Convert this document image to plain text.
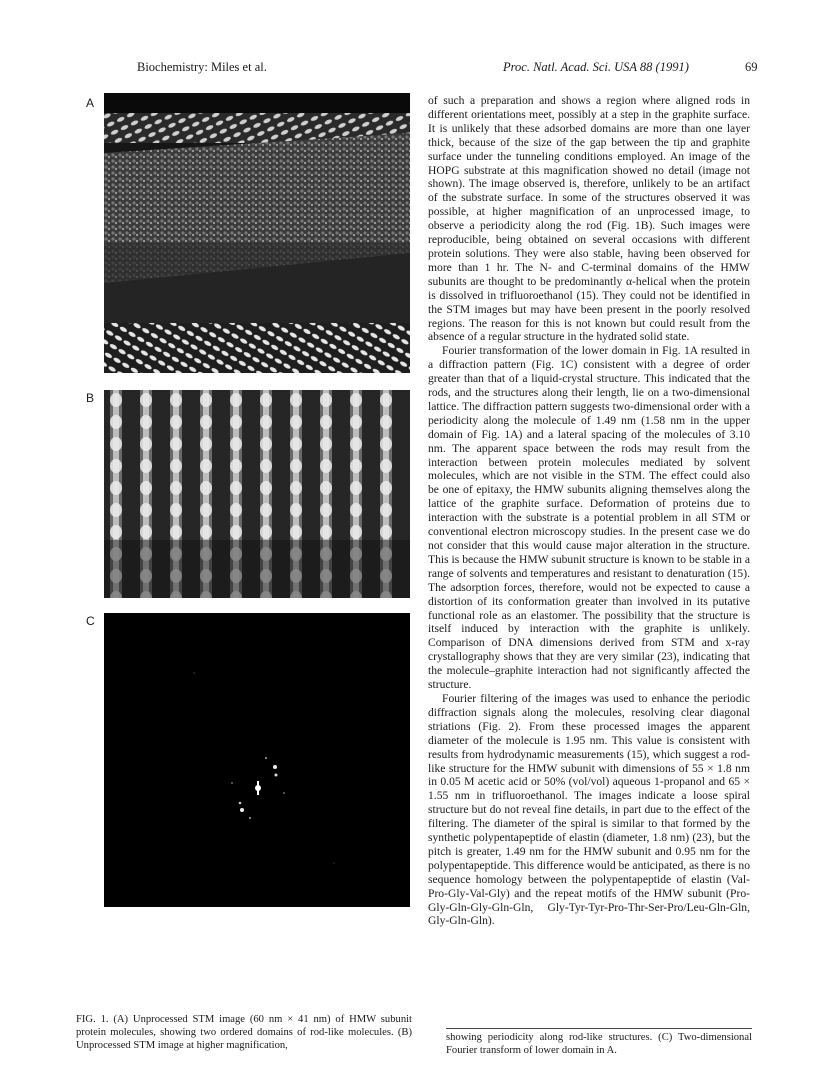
Biochemistry: Miles et al.	Proc. Natl. Acad. Sci. USA 88 (1991)	69
A
B
C

of such a preparation and shows a region where aligned rods in different orientations meet, possibly at a step in the graphite surface. It is unlikely that these adsorbed domains are more than one layer thick, because of the size of the gap between the tip and graphite surface under the tunneling conditions employed. An image of the HOPG substrate at this magnification showed no detail (image not shown). The image observed is, therefore, unlikely to be an artifact of the substrate surface. In some of the structures observed it was possible, at higher magnification of an unprocessed image, to observe a periodicity along the rod (Fig. 1B). Such images were reproducible, being obtained on several occasions with different protein solutions. They were also stable, having been observed for more than 1 hr. The N- and C-terminal domains of the HMW subunits are thought to be predominantly α-helical when the protein is dissolved in trifluoroethanol (15). They could not be identified in the STM images but may have been present in the poorly resolved regions. The reason for this is not known but could result from the absence of a regular structure in the hydrated solid state.

Fourier transformation of the lower domain in Fig. 1A resulted in a diffraction pattern (Fig. 1C) consistent with a degree of order greater than that of a liquid-crystal structure. This indicated that the rods, and the structures along their length, lie on a two-dimensional lattice. The diffraction pattern suggests two-dimensional order with a periodicity along the molecule of 1.49 nm (1.58 nm in the upper domain of Fig. 1A) and a lateral spacing of the molecules of 3.10 nm. The apparent space between the rods may result from the interaction between protein molecules mediated by solvent molecules, which are not visible in the STM. The effect could also be one of epitaxy, the HMW subunits aligning themselves along the lattice of the graphite surface. Deformation of proteins due to interaction with the substrate is a potential problem in all STM or conventional electron microscopy studies. In the present case we do not consider that this would cause major alteration in the structure. This is because the HMW subunit structure is known to be stable in a range of solvents and temperatures and resistant to denaturation (15). The adsorption forces, therefore, would not be expected to cause a distortion of its conformation greater than involved in its putative functional role as an elastomer. The possibility that the structure is itself induced by interaction with the graphite is unlikely. Comparison of DNA dimensions derived from STM and x-ray crystallography shows that they are very similar (23), indicating that the molecule–graphite interaction had not significantly affected the structure.

Fourier filtering of the images was used to enhance the periodic diffraction signals along the molecules, resolving clear diagonal striations (Fig. 2). From these processed images the apparent diameter of the molecule is 1.95 nm. This value is consistent with results from hydrodynamic measurements (15), which suggest a rod-like structure for the HMW subunit with dimensions of 55 × 1.8 nm in 0.05 M acetic acid or 50% (vol/vol) aqueous 1-propanol and 65 × 1.55 nm in trifluoroethanol. The images indicate a loose spiral structure but do not reveal fine details, in part due to the effect of the filtering. The diameter of the spiral is similar to that formed by the synthetic polypentapeptide of elastin (diameter, 1.8 nm) (23), but the pitch is greater, 1.49 nm for the HMW subunit and 0.95 nm for the polypentapeptide. This difference would be anticipated, as there is no sequence homology between the polypentapeptide of elastin (Val-Pro-Gly-Val-Gly) and the repeat motifs of the HMW subunit (Pro-Gly-Gln-Gly-Gln-Gln, Gly-Tyr-Tyr-Pro-Thr-Ser-Pro/Leu-Gln-Gln, Gly-Gln-Gln).

FIG. 1. (A) Unprocessed STM image (60 nm × 41 nm) of HMW subunit protein molecules, showing two ordered domains of rod-like molecules. (B) Unprocessed STM image at higher magnification,
showing periodicity along rod-like structures. (C) Two-dimensional Fourier transform of lower domain in A.
